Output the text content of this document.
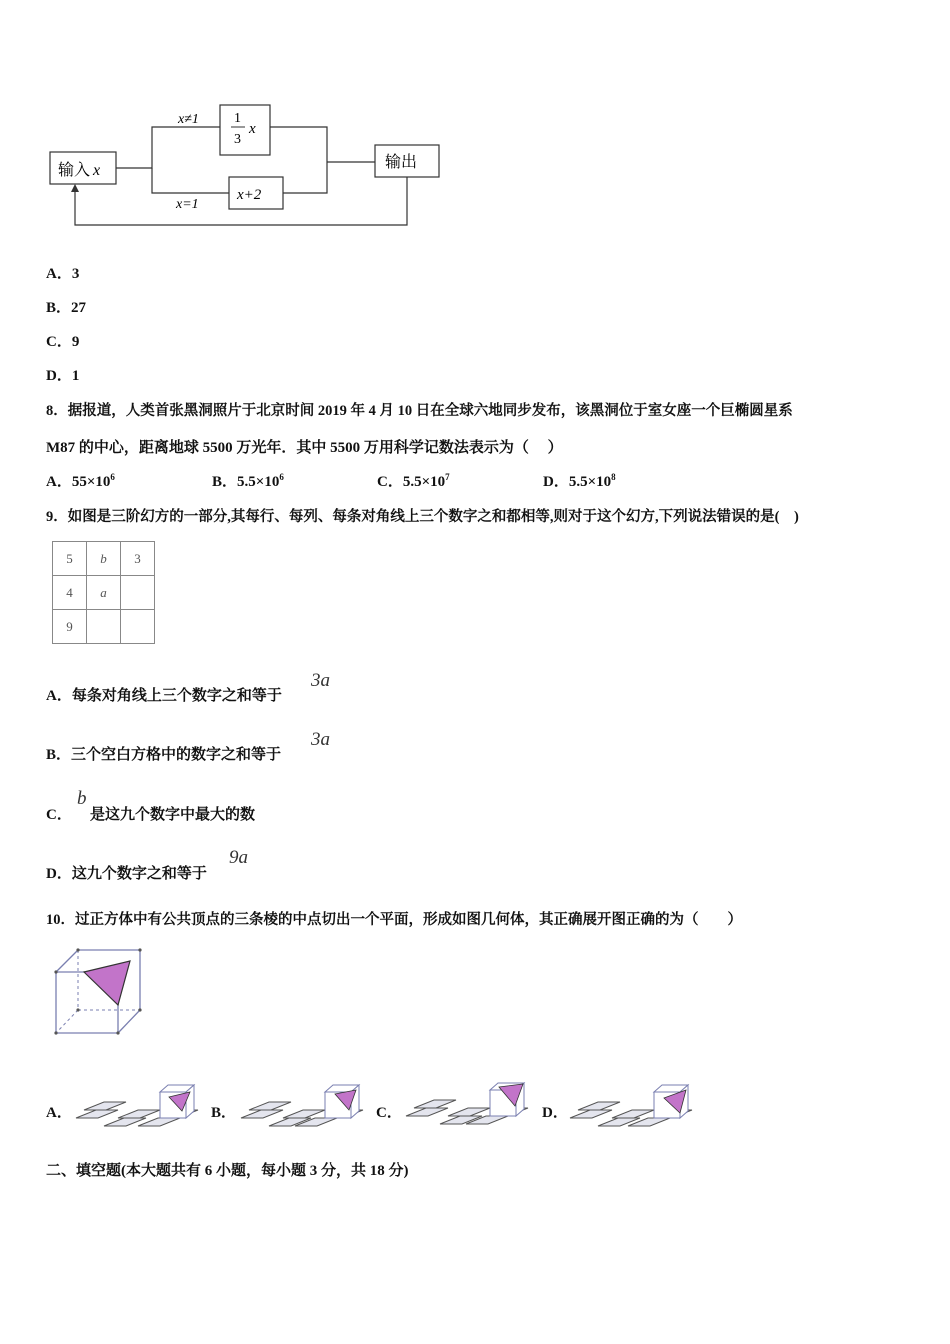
输入 x	输出
x≠1
x=1
1
3
x
x+2
A．3
B．27
C．9
D．1
8．据报道，人类首张黑洞照片于北京时间 2019 年 4 月 10 日在全球六地同步发布，该黑洞位于室女座一个巨椭圆星系
M87 的中心，距离地球 5500 万光年．其中 5500 万用科学记数法表示为（　 ）
A．$55\times 10^6$	B．$5.5\times 10^6$	C．$5.5\times 10^7$	D．$5.5\times 10^8$
9．如图是三阶幻方的一部分,其每行、每列、每条对角线上三个数字之和都相等,则对于这个幻方,下列说法错误的是(　)
5	b	3
4	a	
9		
A．每条对角线上三个数字之和等于
3a
B．三个空白方格中的数字之和等于
3a
C．
b
是这九个数字中最大的数
D．这九个数字之和等于
9a
10．过正方体中有公共顶点的三条棱的中点切出一个平面，形成如图几何体，其正确展开图正确的为（　　）
A．	B．	C．	D．
二、填空题(本大题共有 6 小题，每小题 3 分，共 18 分)
